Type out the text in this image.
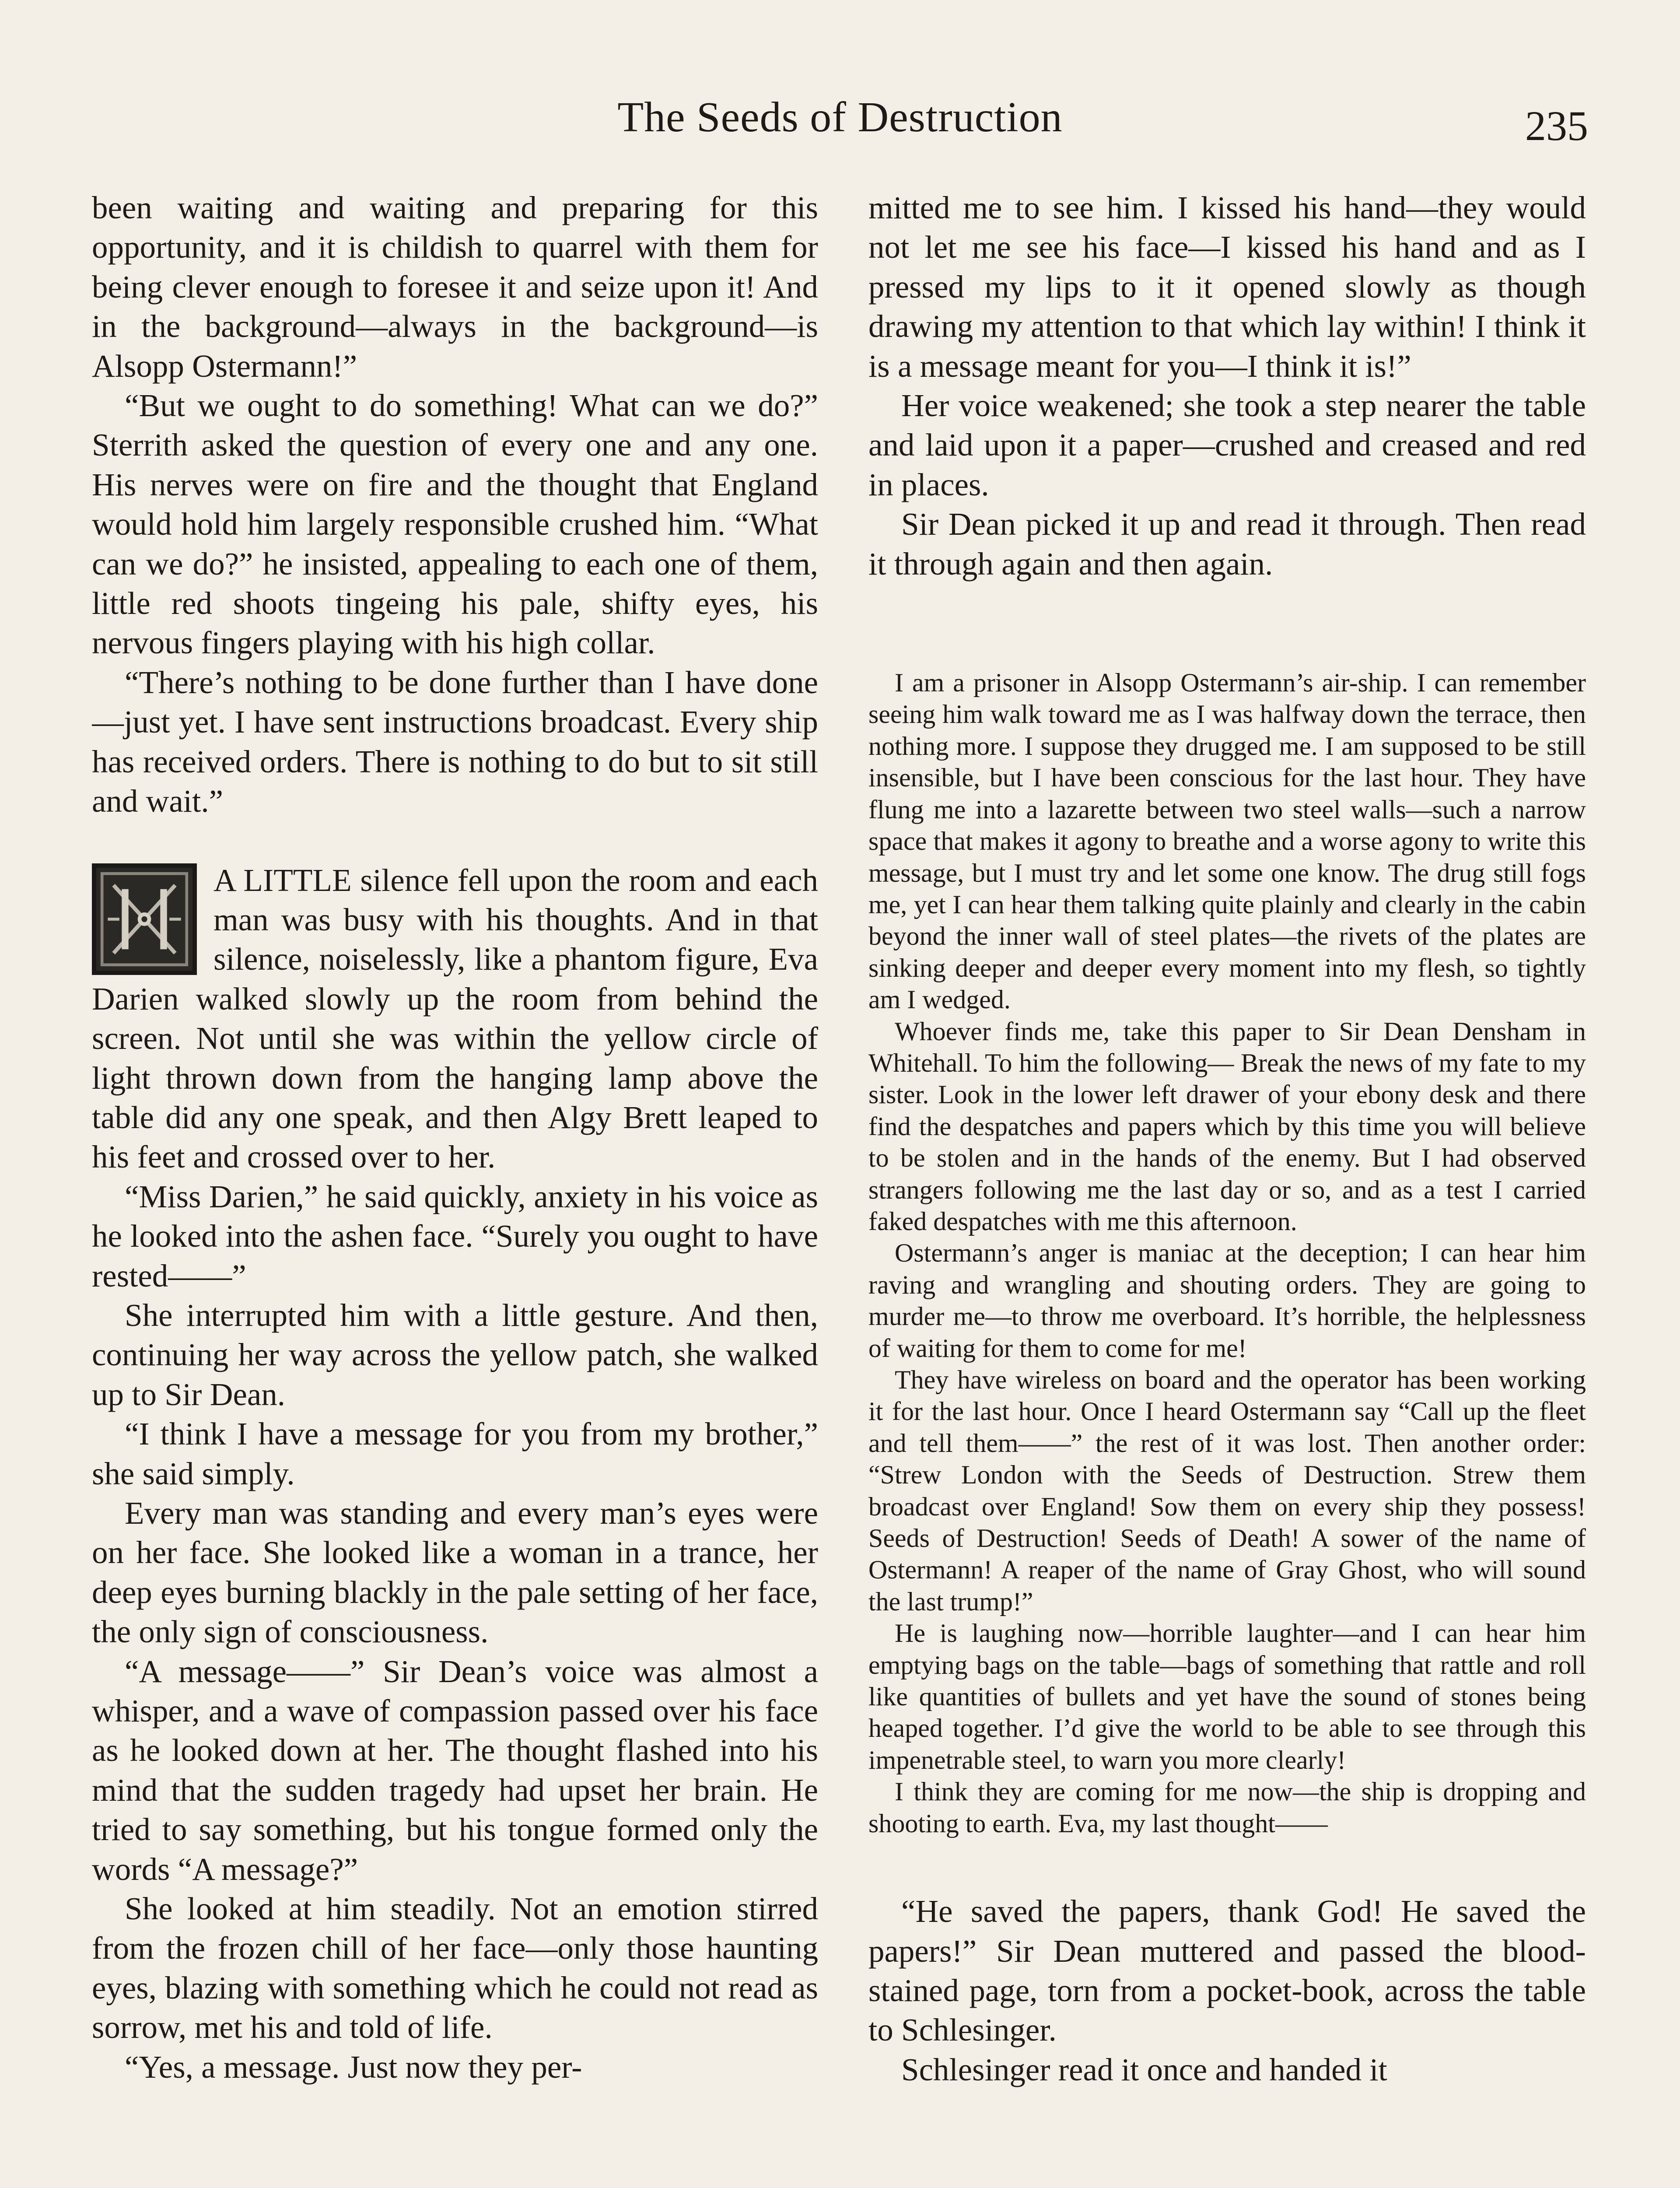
The Seeds of Destruction	235

been waiting and waiting and preparing for this opportunity, and it is childish to quarrel with them for being clever enough to foresee it and seize upon it! And in the background—always in the background—is Alsopp Ostermann!”

“But we ought to do something! What can we do?” Sterrith asked the question of every one and any one. His nerves were on fire and the thought that England would hold him largely responsible crushed him. “What can we do?” he insisted, appealing to each one of them, little red shoots tingeing his pale, shifty eyes, his nervous fingers playing with his high collar.

“There’s nothing to be done further than I have done—just yet. I have sent instructions broadcast. Every ship has received orders. There is nothing to do but to sit still and wait.”

A LITTLE silence fell upon the room and each man was busy with his thoughts. And in that silence, noiselessly, like a phantom figure, Eva Darien walked slowly up the room from behind the screen. Not until she was within the yellow circle of light thrown down from the hanging lamp above the table did any one speak, and then Algy Brett leaped to his feet and crossed over to her.

“Miss Darien,” he said quickly, anxiety in his voice as he looked into the ashen face. “Surely you ought to have rested——”

She interrupted him with a little gesture. And then, continuing her way across the yellow patch, she walked up to Sir Dean.

“I think I have a message for you from my brother,” she said simply.

Every man was standing and every man’s eyes were on her face. She looked like a woman in a trance, her deep eyes burning blackly in the pale setting of her face, the only sign of consciousness.

“A message——” Sir Dean’s voice was almost a whisper, and a wave of compassion passed over his face as he looked down at her. The thought flashed into his mind that the sudden tragedy had upset her brain. He tried to say something, but his tongue formed only the words “A message?”

She looked at him steadily. Not an emotion stirred from the frozen chill of her face—only those haunting eyes, blazing with something which he could not read as sorrow, met his and told of life.

“Yes, a message. Just now they per-

mitted me to see him. I kissed his hand—they would not let me see his face—I kissed his hand and as I pressed my lips to it it opened slowly as though drawing my attention to that which lay within! I think it is a message meant for you—I think it is!”

Her voice weakened; she took a step nearer the table and laid upon it a paper—crushed and creased and red in places.

Sir Dean picked it up and read it through. Then read it through again and then again.

I am a prisoner in Alsopp Ostermann’s air-ship. I can remember seeing him walk toward me as I was halfway down the terrace, then nothing more. I suppose they drugged me. I am supposed to be still insensible, but I have been conscious for the last hour. They have flung me into a lazarette between two steel walls—such a narrow space that makes it agony to breathe and a worse agony to write this message, but I must try and let some one know. The drug still fogs me, yet I can hear them talking quite plainly and clearly in the cabin beyond the inner wall of steel plates—the rivets of the plates are sinking deeper and deeper every moment into my flesh, so tightly am I wedged.

Whoever finds me, take this paper to Sir Dean Densham in Whitehall. To him the following— Break the news of my fate to my sister. Look in the lower left drawer of your ebony desk and there find the despatches and papers which by this time you will believe to be stolen and in the hands of the enemy. But I had observed strangers following me the last day or so, and as a test I carried faked despatches with me this afternoon.

Ostermann’s anger is maniac at the deception; I can hear him raving and wrangling and shouting orders. They are going to murder me—to throw me overboard. It’s horrible, the helplessness of waiting for them to come for me!

They have wireless on board and the operator has been working it for the last hour. Once I heard Ostermann say “Call up the fleet and tell them——” the rest of it was lost. Then another order: “Strew London with the Seeds of Destruction. Strew them broadcast over England! Sow them on every ship they possess! Seeds of Destruction! Seeds of Death! A sower of the name of Ostermann! A reaper of the name of Gray Ghost, who will sound the last trump!”

He is laughing now—horrible laughter—and I can hear him emptying bags on the table—bags of something that rattle and roll like quantities of bullets and yet have the sound of stones being heaped together. I’d give the world to be able to see through this impenetrable steel, to warn you more clearly!

I think they are coming for me now—the ship is dropping and shooting to earth. Eva, my last thought——

“He saved the papers, thank God! He saved the papers!” Sir Dean muttered and passed the blood-stained page, torn from a pocket-book, across the table to Schlesinger.

Schlesinger read it once and handed it
